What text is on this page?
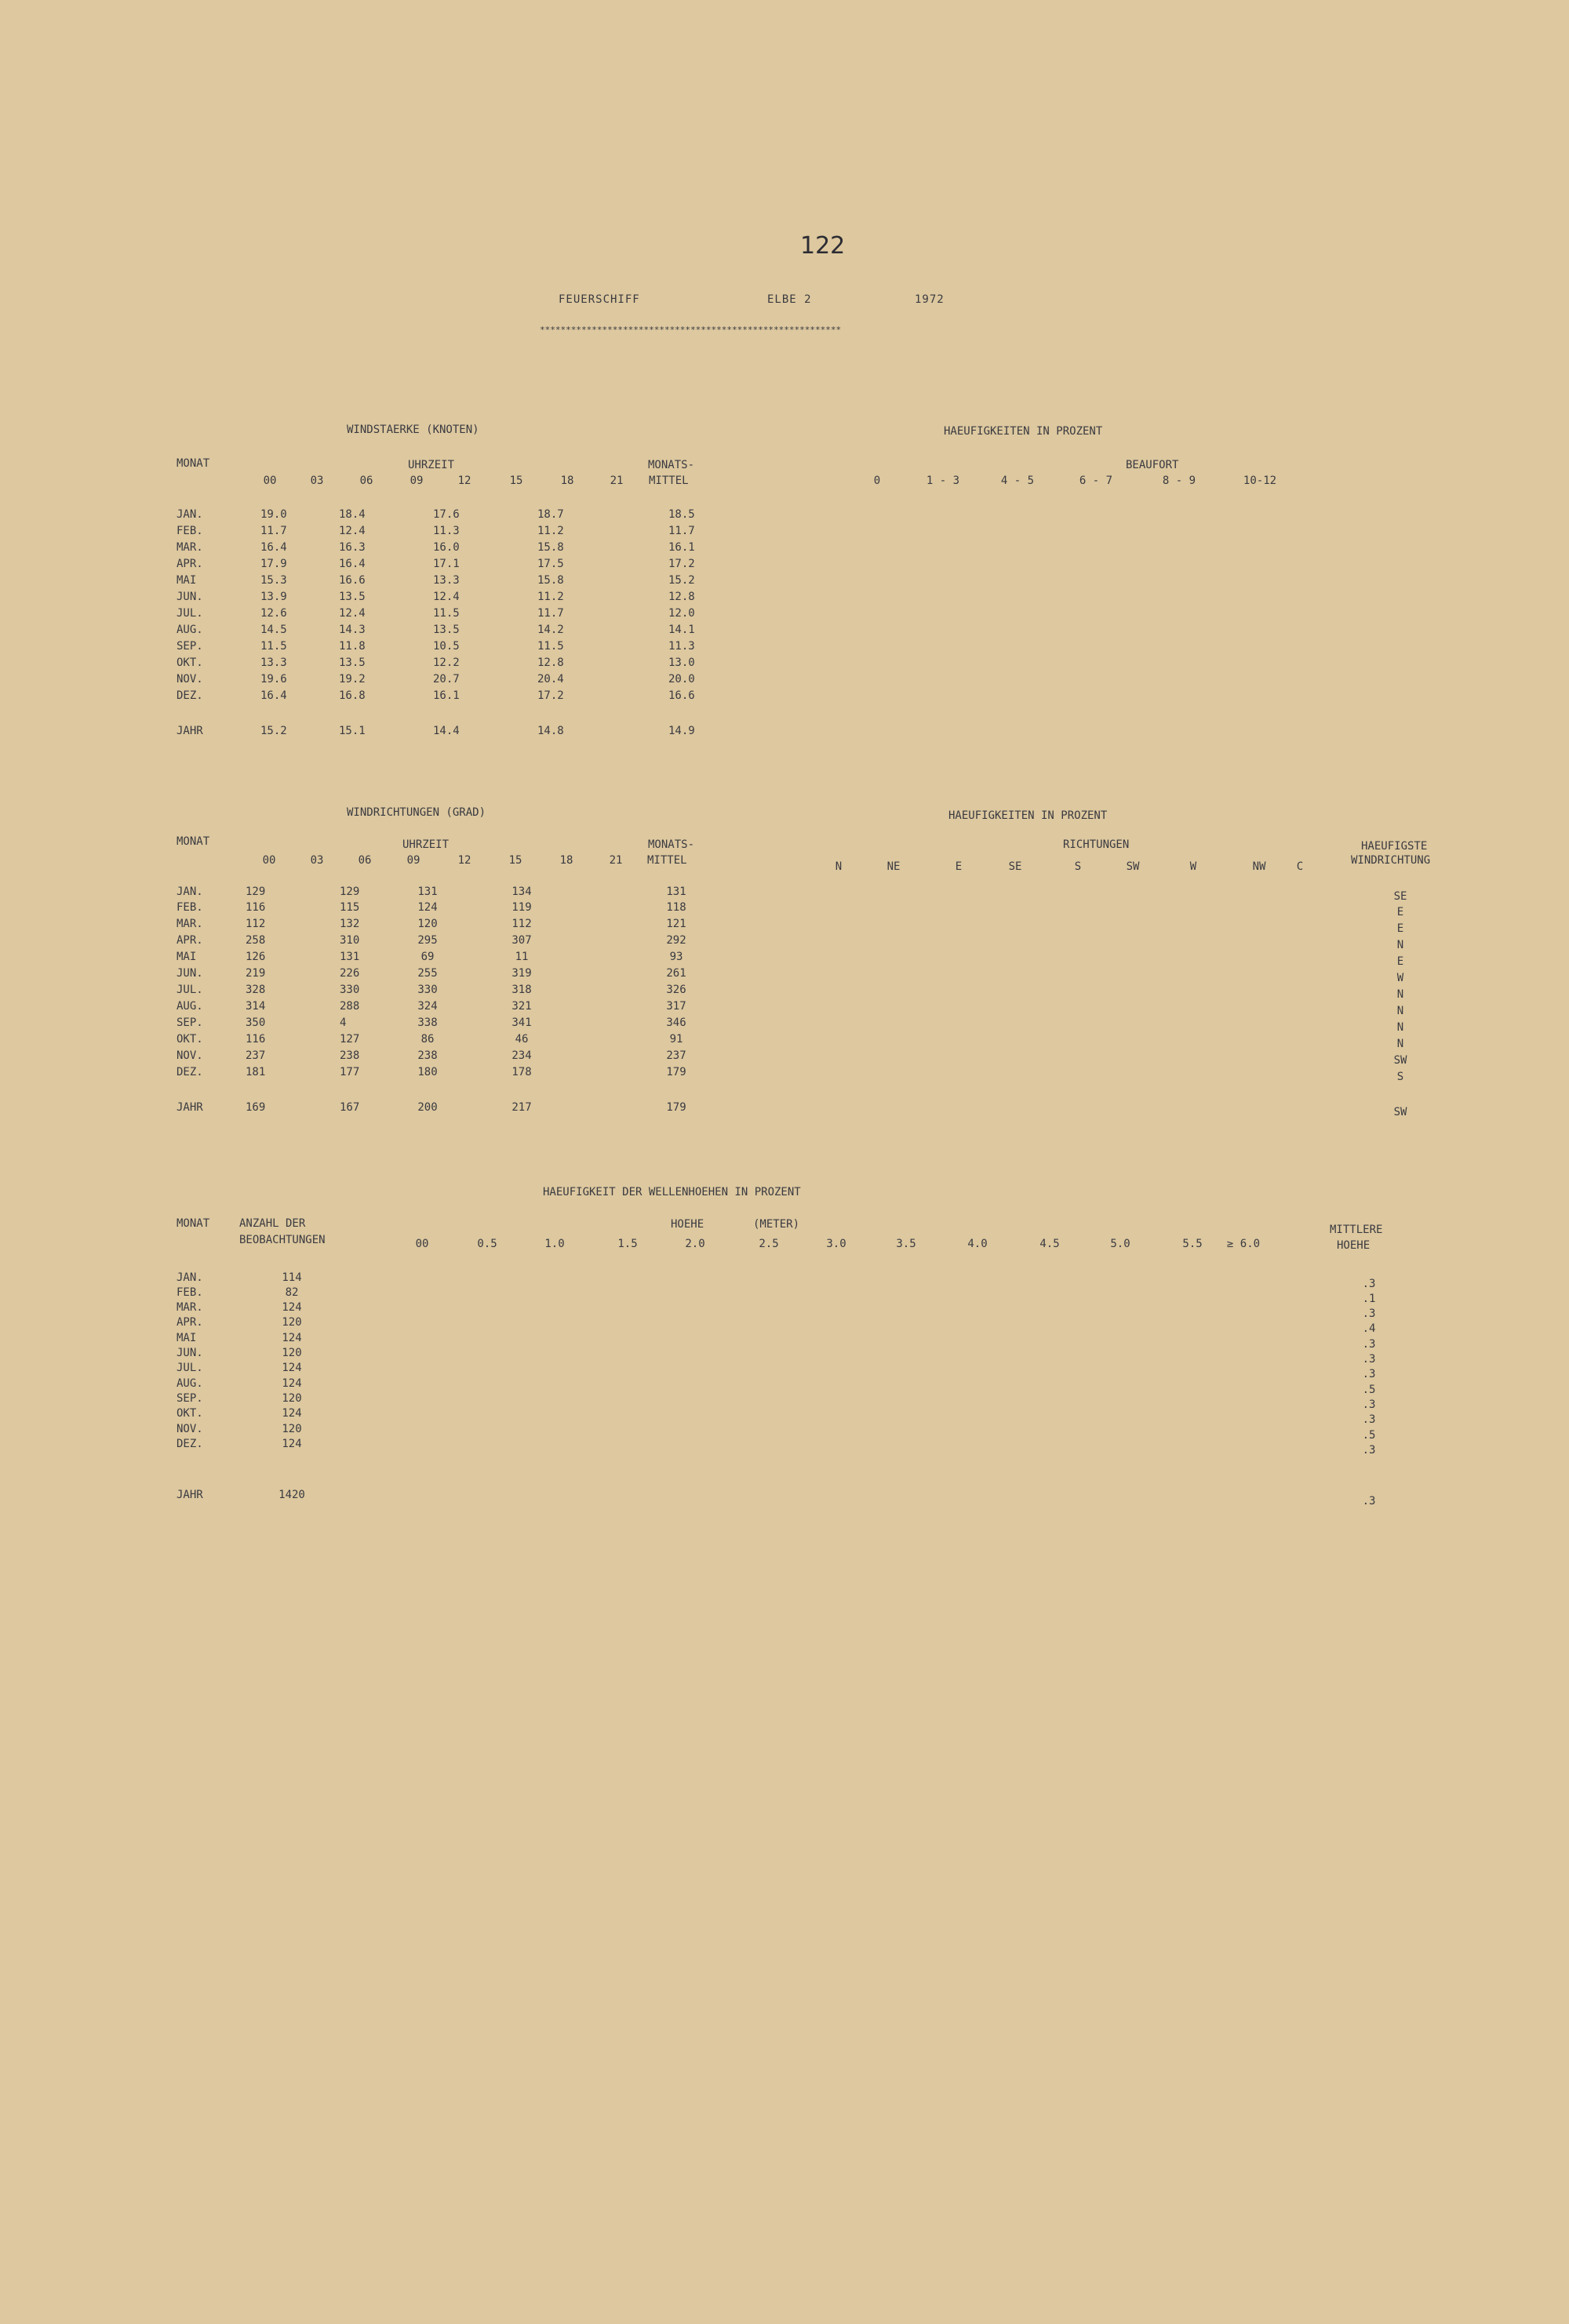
122
FEUERSCHIFF	ELBE 2	1972
**********************************************************
WINDSTAERKE (KNOTEN)	HAEUFIGKEITEN IN PROZENT
MONAT	UHRZEIT	MONATS-	BEAUFORT
00	03	06	09	12	15	18	21	MITTEL	0	1 - 3	4 - 5	6 - 7	8 - 9	10-12
JAN.	19.0	18.4	17.6	18.7	18.5
FEB.	11.7	12.4	11.3	11.2	11.7
MAR.	16.4	16.3	16.0	15.8	16.1
APR.	17.9	16.4	17.1	17.5	17.2
MAI	15.3	16.6	13.3	15.8	15.2
JUN.	13.9	13.5	12.4	11.2	12.8
JUL.	12.6	12.4	11.5	11.7	12.0
AUG.	14.5	14.3	13.5	14.2	14.1
SEP.	11.5	11.8	10.5	11.5	11.3
OKT.	13.3	13.5	12.2	12.8	13.0
NOV.	19.6	19.2	20.7	20.4	20.0
DEZ.	16.4	16.8	16.1	17.2	16.6
JAHR	15.2	15.1	14.4	14.8	14.9
WINDRICHTUNGEN (GRAD)	HAEUFIGKEITEN IN PROZENT
MONAT	UHRZEIT	MONATS-	RICHTUNGEN	HAEUFIGSTE
00	03	06	09	12	15	18	21	MITTEL	N	NE	E	SE	S	SW	W	NW	C	WINDRICHTUNG
JAN.	129	129	131	134	131	SE
FEB.	116	115	124	119	118	E
MAR.	112	132	120	112	121	E
APR.	258	310	295	307	292	N
MAI	126	131	69	11	93	E
JUN.	219	226	255	319	261	W
JUL.	328	330	330	318	326	N
AUG.	314	288	324	321	317	N
SEP.	350	4	338	341	346	N
OKT.	116	127	86	46	91	N
NOV.	237	238	238	234	237	SW
DEZ.	181	177	180	178	179	S
JAHR	169	167	200	217	179	SW
HAEUFIGKEIT DER WELLENHOEHEN IN PROZENT
MONAT	ANZAHL DER
BEOBACHTUNGEN
HOEHE	(METER)	MITTLERE
HOEHE
00	0.5	1.0	1.5	2.0	2.5	3.0	3.5	4.0	4.5	5.0	5.5	≥ 6.0
JAN.	114	.3
FEB.	82	.1
MAR.	124	.3
APR.	120	.4
MAI	124	.3
JUN.	120	.3
JUL.	124	.3
AUG.	124	.5
SEP.	120	.3
OKT.	124	.3
NOV.	120	.5
DEZ.	124	.3
JAHR	1420	.3
